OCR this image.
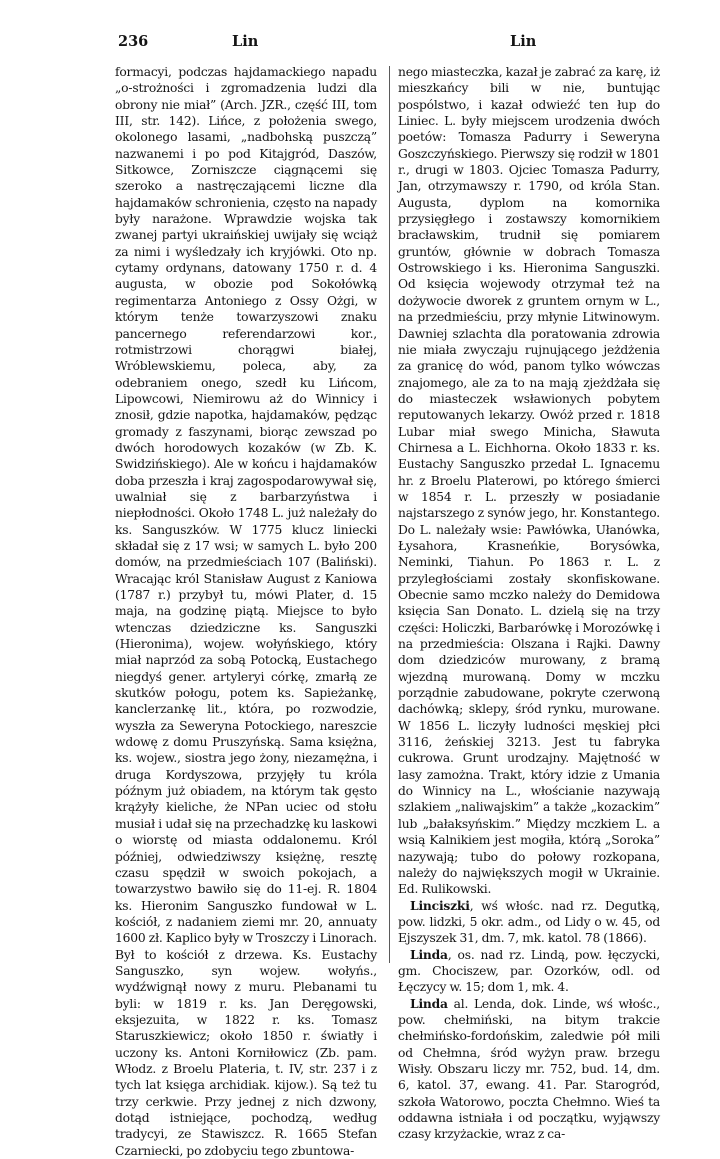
236	Lin	Lin

formacyi, podczas hajdamackiego napadu „o-strożności i zgromadzenia ludzi dla obrony nie miał” (Arch. JZR., część III, tom III, str. 142). Lińce, z położenia swego, okolonego lasami, „nadbohską puszczą” nazwanemi i po pod Kitajgród, Daszów, Sitkowce, Zorniszcze ciągnącemi się szeroko a nastręczającemi liczne dla hajdamaków schronienia, często na napady były narażone. Wprawdzie wojska tak zwanej partyi ukraińskiej uwijały się wciąż za nimi i wyśledzały ich kryjówki. Oto np. cytamy ordynans, datowany 1750 r. d. 4 augusta, w obozie pod Sokołówką regimentarza Antoniego z Ossy Ożgi, w którym tenże towarzyszowi znaku pancernego referendarzowi kor., rotmistrzowi chorągwi białej, Wróblewskiemu, poleca, aby, za odebraniem onego, szedł ku Lińcom, Lipowcowi, Niemirowu aż do Winnicy i znosił, gdzie napotka, hajdamaków, pędząc gromady z faszynami, biorąc zewszad po dwóch horodowych kozaków (w Zb. K. Swidzińskiego). Ale w końcu i hajdamaków doba przeszła i kraj zagospodarowywał się, uwalniał się z barbarzyństwa i niepłodności. Około 1748 L. już należały do ks. Sanguszków. W 1775 klucz liniecki składał się z 17 wsi; w samych L. było 200 domów, na przedmieściach 107 (Baliński). Wracając król Stanisław August z Kaniowa (1787 r.) przybył tu, mówi Plater, d. 15 maja, na godzinę piątą. Miejsce to było wtenczas dziedziczne ks. Sanguszki (Hieronima), wojew. wołyńskiego, który miał naprzód za sobą Potocką, Eustachego niegdyś gener. artyleryi córkę, zmarłą ze skutków połogu, potem ks. Sapieżankę, kanclerzankę lit., która, po rozwodzie, wyszła za Seweryna Potockiego, nareszcie wdowę z domu Pruszyńską. Sama księżna, ks. wojew., siostra jego żony, niezamężna, i druga Kordyszowa, przyjęły tu króla późnym już obiadem, na którym tak gęsto krążyły kieliche, że NPan uciec od stołu musiał i udał się na przechadzkę ku laskowi o wiorstę od miasta oddalonemu. Król później, odwiedziwszy księżnę, resztę czasu spędził w swoich pokojach, a towarzystwo bawiło się do 11-ej. R. 1804 ks. Hieronim Sanguszko fundował w L. kościół, z nadaniem ziemi mr. 20, annuaty 1600 zł. Kaplico były w Troszczy i Linorach. Był to kościół z drzewa. Ks. Eustachy Sanguszko, syn wojew. wołyńs., wydźwignął nowy z muru. Plebanami tu byli: w 1819 r. ks. Jan Deręgowski, eksjezuita, w 1822 r. ks. Tomasz Staruszkiewicz; około 1850 r. światły i uczony ks. Antoni Korniłowicz (Zb. pam. Włodz. z Broelu Plateria, t. IV, str. 237 i z tych lat księga archidiak. kijow.). Są też tu trzy cerkwie. Przy jednej z nich dzwony, dotąd istniejące, pochodzą, według tradycyi, ze Stawiszcz. R. 1665 Stefan Czarniecki, po zdobyciu tego zbuntowa-

nego miasteczka, kazał je zabrać za karę, iż mieszkańcy bili w nie, buntując pospólstwo, i kazał odwieźć ten łup do Liniec. L. były miejscem urodzenia dwóch poetów: Tomasza Padurry i Seweryna Goszczyńskiego. Pierwszy się rodził w 1801 r., drugi w 1803. Ojciec Tomasza Padurry, Jan, otrzymawszy r. 1790, od króla Stan. Augusta, dyplom na komornika przysięgłego i zostawszy komornikiem bracławskim, trudnił się pomiarem gruntów, głównie w dobrach Tomasza Ostrowskiego i ks. Hieronima Sanguszki. Od księcia wojewody otrzymał też na dożywocie dworek z gruntem ornym w L., na przedmieściu, przy młynie Litwinowym. Dawniej szlachta dla poratowania zdrowia nie miała zwyczaju rujnującego jeżdżenia za granicę do wód, panom tylko wówczas znajomego, ale za to na mają zjeżdżała się do miasteczek wsławionych pobytem reputowanych lekarzy. Owóż przed r. 1818 Lubar miał swego Minicha, Sławuta Chirnesa a L. Eichhorna. Około 1833 r. ks. Eustachy Sanguszko przedał L. Ignacemu hr. z Broelu Platerowi, po którego śmierci w 1854 r. L. przeszły w posiadanie najstarszego z synów jego, hr. Konstantego. Do L. należały wsie: Pawłówka, Ułanówka, Łysahora, Krasneńkie, Borysówka, Neminki, Tiahun. Po 1863 r. L. z przyległościami zostały skonfiskowane. Obecnie samo mczko należy do Demidowa księcia San Donato. L. dzielą się na trzy części: Holiczki, Barbarówkę i Morozówkę i na przedmieścia: Olszana i Rajki. Dawny dom dziedziców murowany, z bramą wjezdną murowaną. Domy w mczku porządnie zabudowane, pokryte czerwoną dachówką; sklepy, śród rynku, murowane. W 1856 L. liczyły ludności męskiej płci 3116, żeńskiej 3213. Jest tu fabryka cukrowa. Grunt urodzajny. Majętność w lasy zamożna. Trakt, który idzie z Umania do Winnicy na L., włościanie nazywają szlakiem „naliwajskim” a także „kozackim” lub „bałaksyńskim.” Między mczkiem L. a wsią Kalnikiem jest mogiła, którą „Soroka” nazywają; tubo do połowy rozkopana, należy do największych mogił w Ukrainie. Ed. Rulikowski.

Linciszki, wś włośc. nad rz. Degutką, pow. lidzki, 5 okr. adm., od Lidy o w. 45, od Ejszyszek 31, dm. 7, mk. katol. 78 (1866).

Linda, os. nad rz. Lindą, pow. łęczycki, gm. Chociszew, par. Ozorków, odl. od Łęczycy w. 15; dom 1, mk. 4.

Linda al. Lenda, dok. Linde, wś włośc., pow. chełmiński, na bitym trakcie chełmińsko-fordońskim, zaledwie pół mili od Chełmna, śród wyżyn praw. brzegu Wisły. Obszaru liczy mr. 752, bud. 14, dm. 6, katol. 37, ewang. 41. Par. Starogród, szkoła Watorowo, poczta Chełmno. Wieś ta oddawna istniała i od początku, wyjąwszy czasy krzyżackie, wraz z ca-
